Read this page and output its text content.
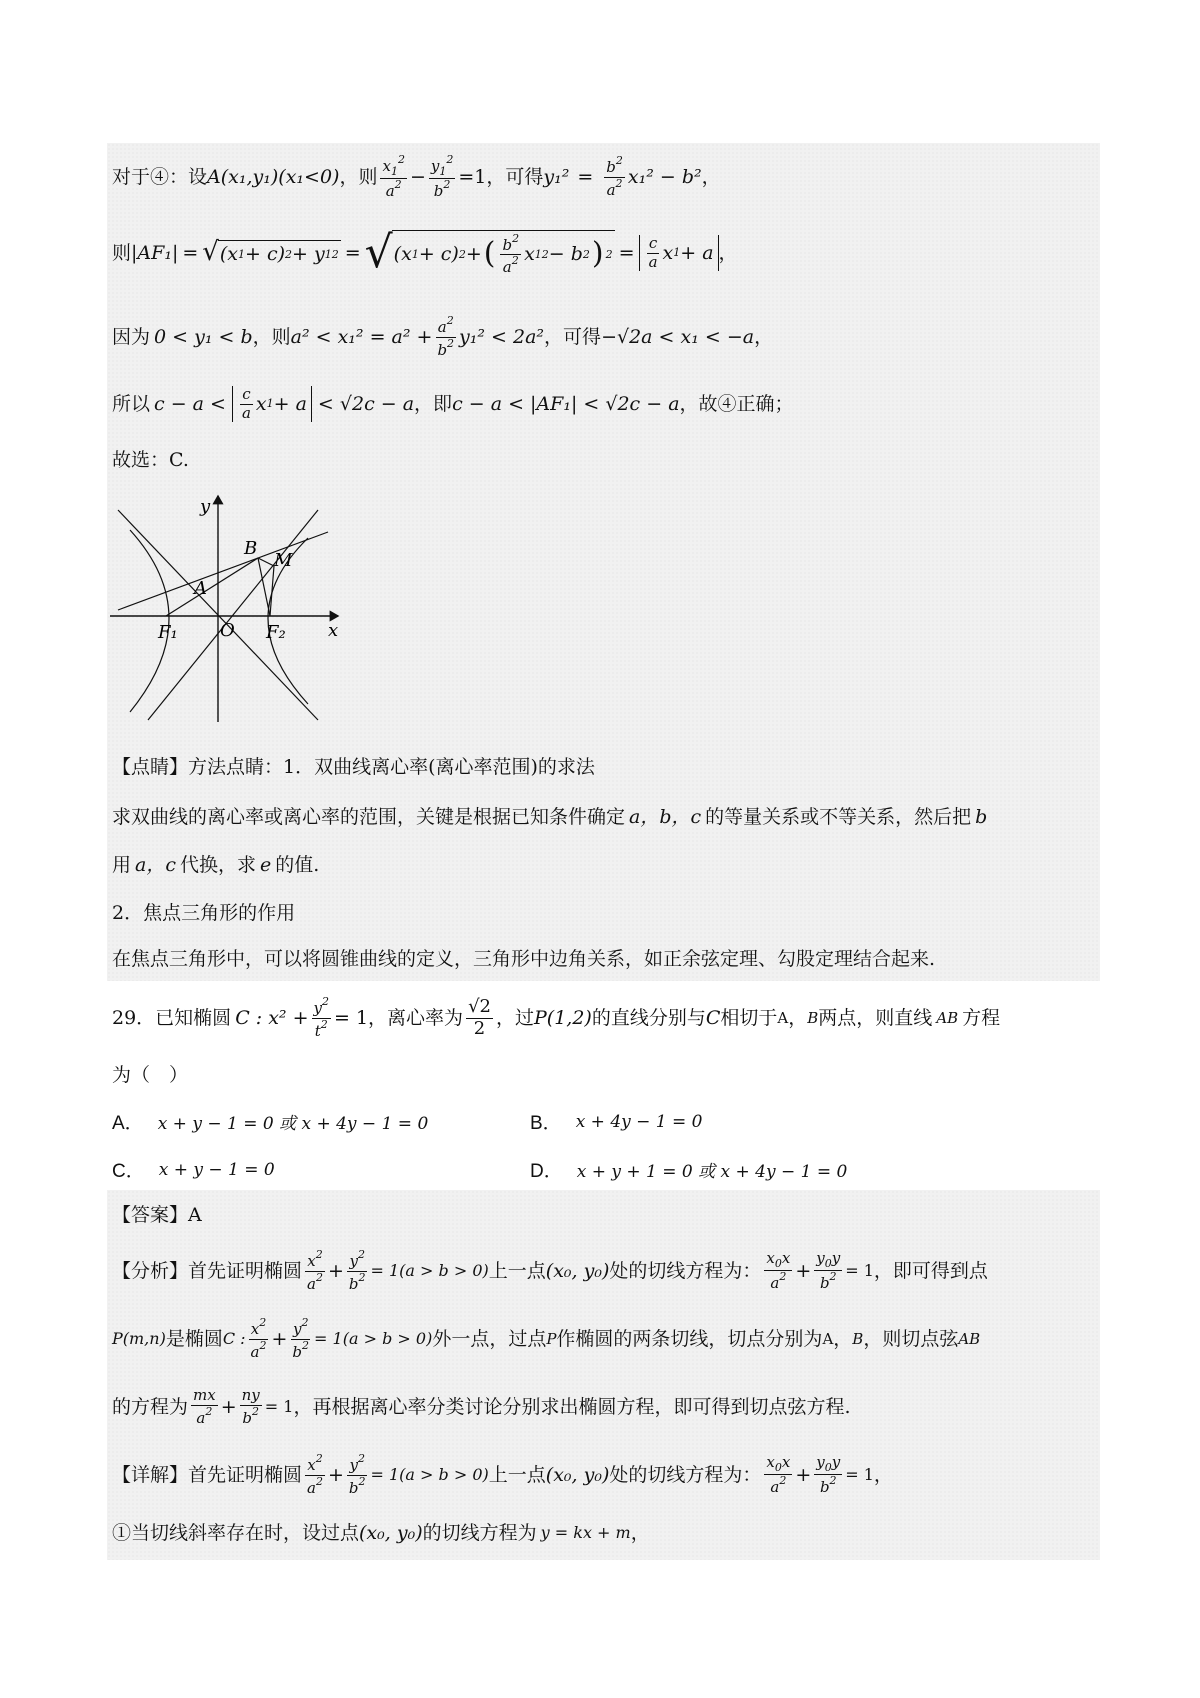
对于④：设 A(x₁,y₁)(x₁<0) ，则 $\frac{x_1^2}{a^2} - \frac{y_1^2}{b^2} =1$ ，可得 $y_1^2 = \frac{b^2}{a^2} x_1^2 - b^2$ ，
则 |AF₁| = √ (x 1 + c) 2 + y 1 2 = √ (x 1 + c) 2 + ( $\frac{b^2}{a^2}$ x 1 2 − b 2 ) $2 = \frac{c}{a}$ x 1 + a ，
因为 0 < y₁ < b ，则 $a^2 < x_1^2 = a^2 + \frac{a^2}{b^2} y_1^2 < 2a^2$ ，可得 −√2a < x₁ < −a ，
所以 $c - a < \frac{c}{a}$ x 1 + a < √2c − a ，即 c − a < |AF₁| < √2c − a ，故④正确；
故选：C.
y
x
A
B
M
O
F₁	F₂
【点睛】方法点睛：1．双曲线离心率(离心率范围)的求法
求双曲线的离心率或离心率的范围，关键是根据已知条件确定 a，b，c 的等量关系或不等关系，然后把 b
用 a，c 代换，求 e 的值.
2．焦点三角形的作用
在焦点三角形中，可以将圆锥曲线的定义，三角形中边角关系，如正余弦定理、勾股定理结合起来.
29．已知椭圆 C : $x^2 + \frac{y^2}{t^2} = 1$ ，离心率为 $\frac{√2}{2}$ ，过 P(1,2) 的直线分别与 C 相切于 A ， B 两点，则直线 AB 方程
为（　）
A． x + y − 1 = 0 或 x + 4y − 1 = 0	B． x + 4y − 1 = 0
C． x + y − 1 = 0	D． x + y + 1 = 0 或 x + 4y − 1 = 0
【答案】A
【分析】首先证明椭圆 $\frac{x^2}{a^2} + \frac{y^2}{b^2} = 1(a > b > 0)$ 上一点 (x₀, y₀) 处的切线方程为： $\frac{x_0x}{a^2} + \frac{y_0y}{b^2} = 1$ ，即可得到点
P(m,n) 是椭圆 C : $\frac{x^2}{a^2} + \frac{y^2}{b^2} = 1(a > b > 0)$ 外一点，过点 P 作椭圆的两条切线，切点分别为 A ， B ，则切点弦 AB
的方程为 $\frac{mx}{a^2} + \frac{ny}{b^2} = 1$ ，再根据离心率分类讨论分别求出椭圆方程，即可得到切点弦方程.
【详解】首先证明椭圆 $\frac{x^2}{a^2} + \frac{y^2}{b^2} = 1(a > b > 0)$ 上一点 (x₀, y₀) 处的切线方程为： $\frac{x_0x}{a^2} + \frac{y_0y}{b^2} = 1$ ，
①当切线斜率存在时，设过点 (x₀, y₀) 的切线方程为 y = kx + m ，
